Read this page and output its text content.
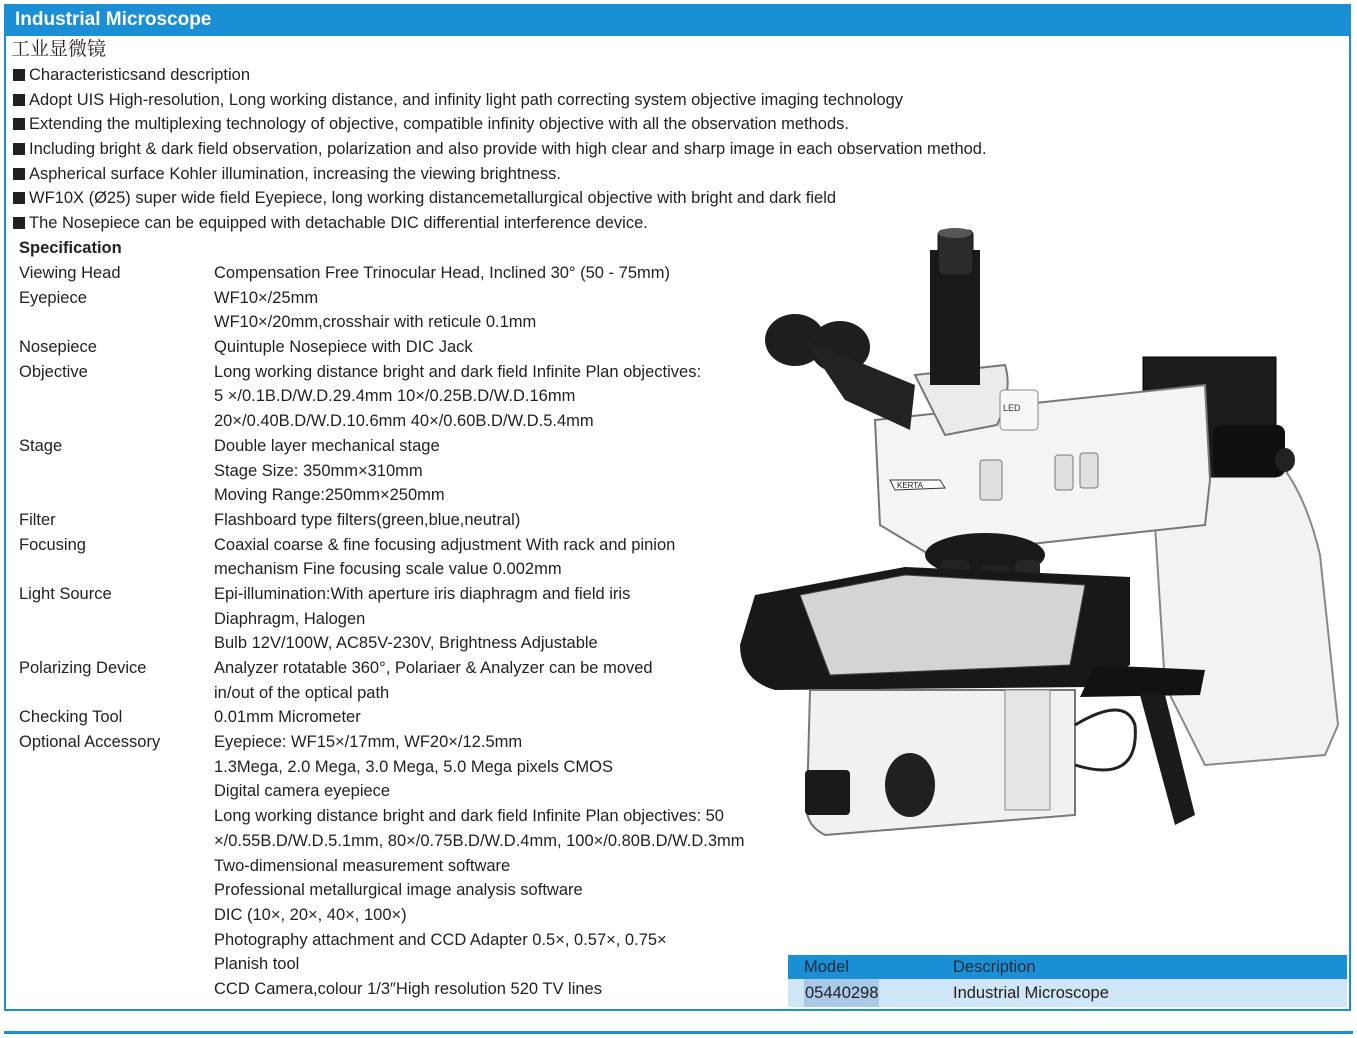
Industrial Microscope
工业显微镜
Characteristicsand description
Adopt UIS High-resolution, Long working distance, and infinity light path correcting system objective imaging technology
Extending the multiplexing technology of objective, compatible infinity objective with all the observation methods.
Including bright & dark field observation, polarization and also provide with high clear and sharp image in each observation method.
Aspherical surface Kohler illumination, increasing the viewing brightness.
WF10X (Ø25) super wide field Eyepiece, long working distancemetallurgical objective with bright and dark field
The Nosepiece can be equipped with detachable DIC differential interference device.
Specification
Viewing Head	Compensation Free Trinocular Head, Inclined 30° (50 - 75mm)
Eyepiece	WF10×/25mm
WF10×/20mm,crosshair with reticule 0.1mm
Nosepiece	Quintuple Nosepiece with DIC Jack
Objective	Long working distance bright and dark field Infinite Plan objectives:
5 ×/0.1B.D/W.D.29.4mm 10×/0.25B.D/W.D.16mm
20×/0.40B.D/W.D.10.6mm 40×/0.60B.D/W.D.5.4mm
Stage	Double layer mechanical stage
Stage Size: 350mm×310mm
Moving Range:250mm×250mm
Filter	Flashboard type filters(green,blue,neutral)
Focusing	Coaxial coarse & fine focusing adjustment With rack and pinion
mechanism Fine focusing scale value 0.002mm
Light Source	Epi-illumination:With aperture iris diaphragm and field iris
Diaphragm, Halogen
Bulb 12V/100W, AC85V-230V, Brightness Adjustable
Polarizing Device	Analyzer rotatable 360°, Polariaer & Analyzer can be moved
in/out of the optical path
Checking Tool	0.01mm Micrometer
Optional Accessory	Eyepiece: WF15×/17mm, WF20×/12.5mm
1.3Mega, 2.0 Mega, 3.0 Mega, 5.0 Mega pixels CMOS
Digital camera eyepiece
Long working distance bright and dark field Infinite Plan objectives: 50
×/0.55B.D/W.D.5.1mm, 80×/0.75B.D/W.D.4mm, 100×/0.80B.D/W.D.3mm
Two-dimensional measurement software
Professional metallurgical image analysis software
DIC (10×, 20×, 40×, 100×)
Photography attachment and CCD Adapter 0.5×, 0.57×, 0.75×
Planish tool
CCD Camera,colour 1/3″High resolution 520 TV lines
LED
KERTA
Model	Description
05440298	Industrial Microscope
